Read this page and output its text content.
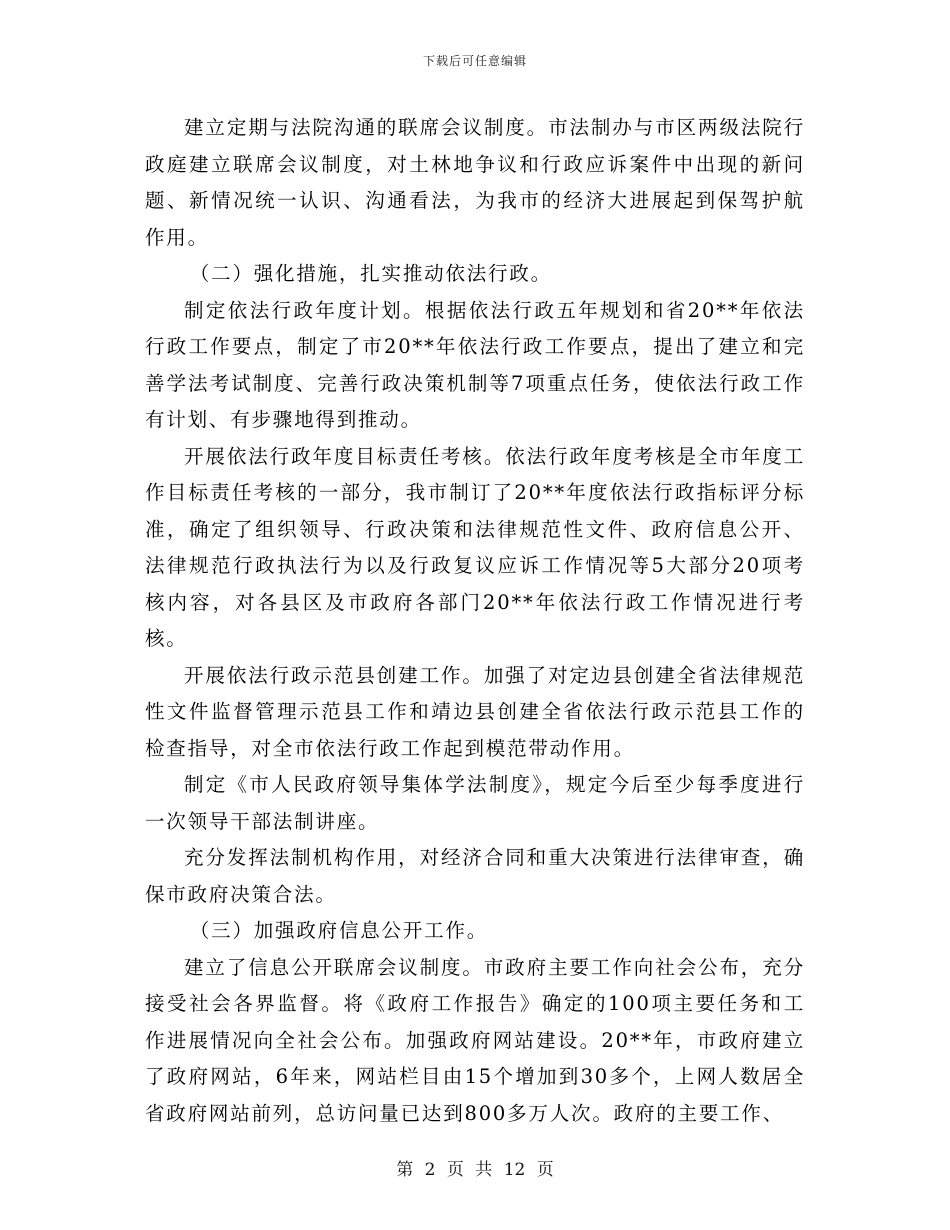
下载后可任意编辑

建立定期与法院沟通的联席会议制度。市法制办与市区两级法院行政庭建立联席会议制度，对土林地争议和行政应诉案件中出现的新问题、新情况统一认识、沟通看法，为我市的经济大进展起到保驾护航作用。

（二）强化措施，扎实推动依法行政。

制定依法行政年度计划。根据依法行政五年规划和省20**年依法行政工作要点，制定了市20**年依法行政工作要点，提出了建立和完善学法考试制度、完善行政决策机制等7项重点任务，使依法行政工作有计划、有步骤地得到推动。

开展依法行政年度目标责任考核。依法行政年度考核是全市年度工作目标责任考核的一部分，我市制订了20**年度依法行政指标评分标准，确定了组织领导、行政决策和法律规范性文件、政府信息公开、法律规范行政执法行为以及行政复议应诉工作情况等5大部分20项考核内容，对各县区及市政府各部门20**年依法行政工作情况进行考核。

开展依法行政示范县创建工作。加强了对定边县创建全省法律规范性文件监督管理示范县工作和靖边县创建全省依法行政示范县工作的检查指导，对全市依法行政工作起到模范带动作用。

制定《市人民政府领导集体学法制度》，规定今后至少每季度进行一次领导干部法制讲座。

充分发挥法制机构作用，对经济合同和重大决策进行法律审查，确保市政府决策合法。

（三）加强政府信息公开工作。

建立了信息公开联席会议制度。市政府主要工作向社会公布，充分接受社会各界监督。将《政府工作报告》确定的100项主要任务和工作进展情况向全社会公布。加强政府网站建设。20**年，市政府建立了政府网站，6年来，网站栏目由15个增加到30多个，上网人数居全省政府网站前列，总访问量已达到800多万人次。政府的主要工作、

第 2 页 共 12 页
